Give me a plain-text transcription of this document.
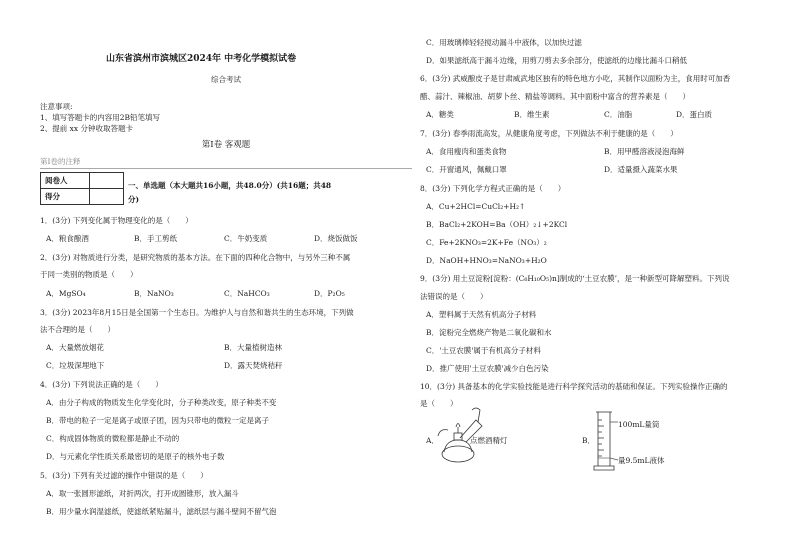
山东省滨州市滨城区2024年 中考化学模拟试卷
综合考试
注意事项:
1、填写答题卡的内容用2B铅笔填写
2、提前 xx 分钟收取答题卡
第Ⅰ卷 客观题
第Ⅰ卷的注释
阅卷人	
得分	
一、单选题（本大题共16小题，共48.0分）(共16题；共48
分)
1．(3分) 下列变化属于物理变化的是（　　）
A．粮食酿酒	B．手工剪纸	C．牛奶变质	D．烧饭做饭
2．(3分) 对物质进行分类，是研究物质的基本方法。在下面的四种化合物中，与另外三种不属
于同一类别的物质是（　　）
A．MgSO₄	B．NaNO₃	C．NaHCO₃	D．P₂O₅
3．(3分) 2023年8月15日是全国第一个生态日。为维护人与自然和谐共生的生态环境，下列做
法不合理的是（　　）
A．大量燃放烟花	B．大量植树造林
C．垃圾深埋地下	D．露天焚烧秸秆
4．(3分) 下列说法正确的是（　　）
A．由分子构成的物质发生化学变化时，分子种类改变，原子种类不变
B．带电的粒子一定是离子或原子团，因为只带电的微粒一定是离子
C．构成固体物质的微粒都是静止不动的
D．与元素化学性质关系最密切的是原子的核外电子数
5．(3分) 下列有关过滤的操作中错误的是（　　）
A．取一张圆形滤纸，对折两次，打开成圆锥形，放入漏斗
B．用少量水润湿滤纸，使滤纸紧贴漏斗，滤纸层与漏斗壁间不留气泡
C．用玻璃棒轻轻搅动漏斗中液体，以加快过滤
D．如果滤纸高于漏斗边缘，用剪刀剪去多余部分，使滤纸的边缘比漏斗口稍低
6．(3分) 武威酿皮子是甘肃威武地区独有的特色地方小吃，其制作以面粉为主，食用时可加香
醋、蒜汁、辣椒油、胡萝卜丝、精盐等调料。其中面粉中富含的营养素是（　　）
A．糖类	B．维生素	C．油脂	D．蛋白质
7．(3分) 春季雨流高发，从健康角度考虑，下列做法不利于健康的是（　　）
A．食用瘦肉和蛋类食物	B．用甲醛溶液浸泡海鲜
C．开窗通风，佩戴口罩	D．适量摄入蔬菜水果
8．(3分) 下列化学方程式正确的是（　　）
A．Cu+2HCl=CuCl₂+H₂↑
B．BaCl₂+2KOH=Ba（OH）₂↓+2KCl
C．Fe+2KNO₃=2K+Fe（NO₃）₂
D．NaOH+HNO₃=NaNO₃+H₂O
9．(3分) 用土豆淀粉[淀粉：(C₆H₁₀O₅)n]制成的‘土豆农膜’，是一种新型可降解塑料。下列说
法错误的是（　　）
A．塑料属于天然有机高分子材料
B．淀粉完全燃烧产物是二氧化碳和水
C．'土豆农膜'属于有机高分子材料
D．推广使用'土豆农膜'减少白色污染
10．(3分) 具备基本的化学实验技能是进行科学探究活动的基础和保证。下列实验操作正确的
是（　　）
A．	点燃酒精灯	B．
100mL量筒
量9.5mL液体
